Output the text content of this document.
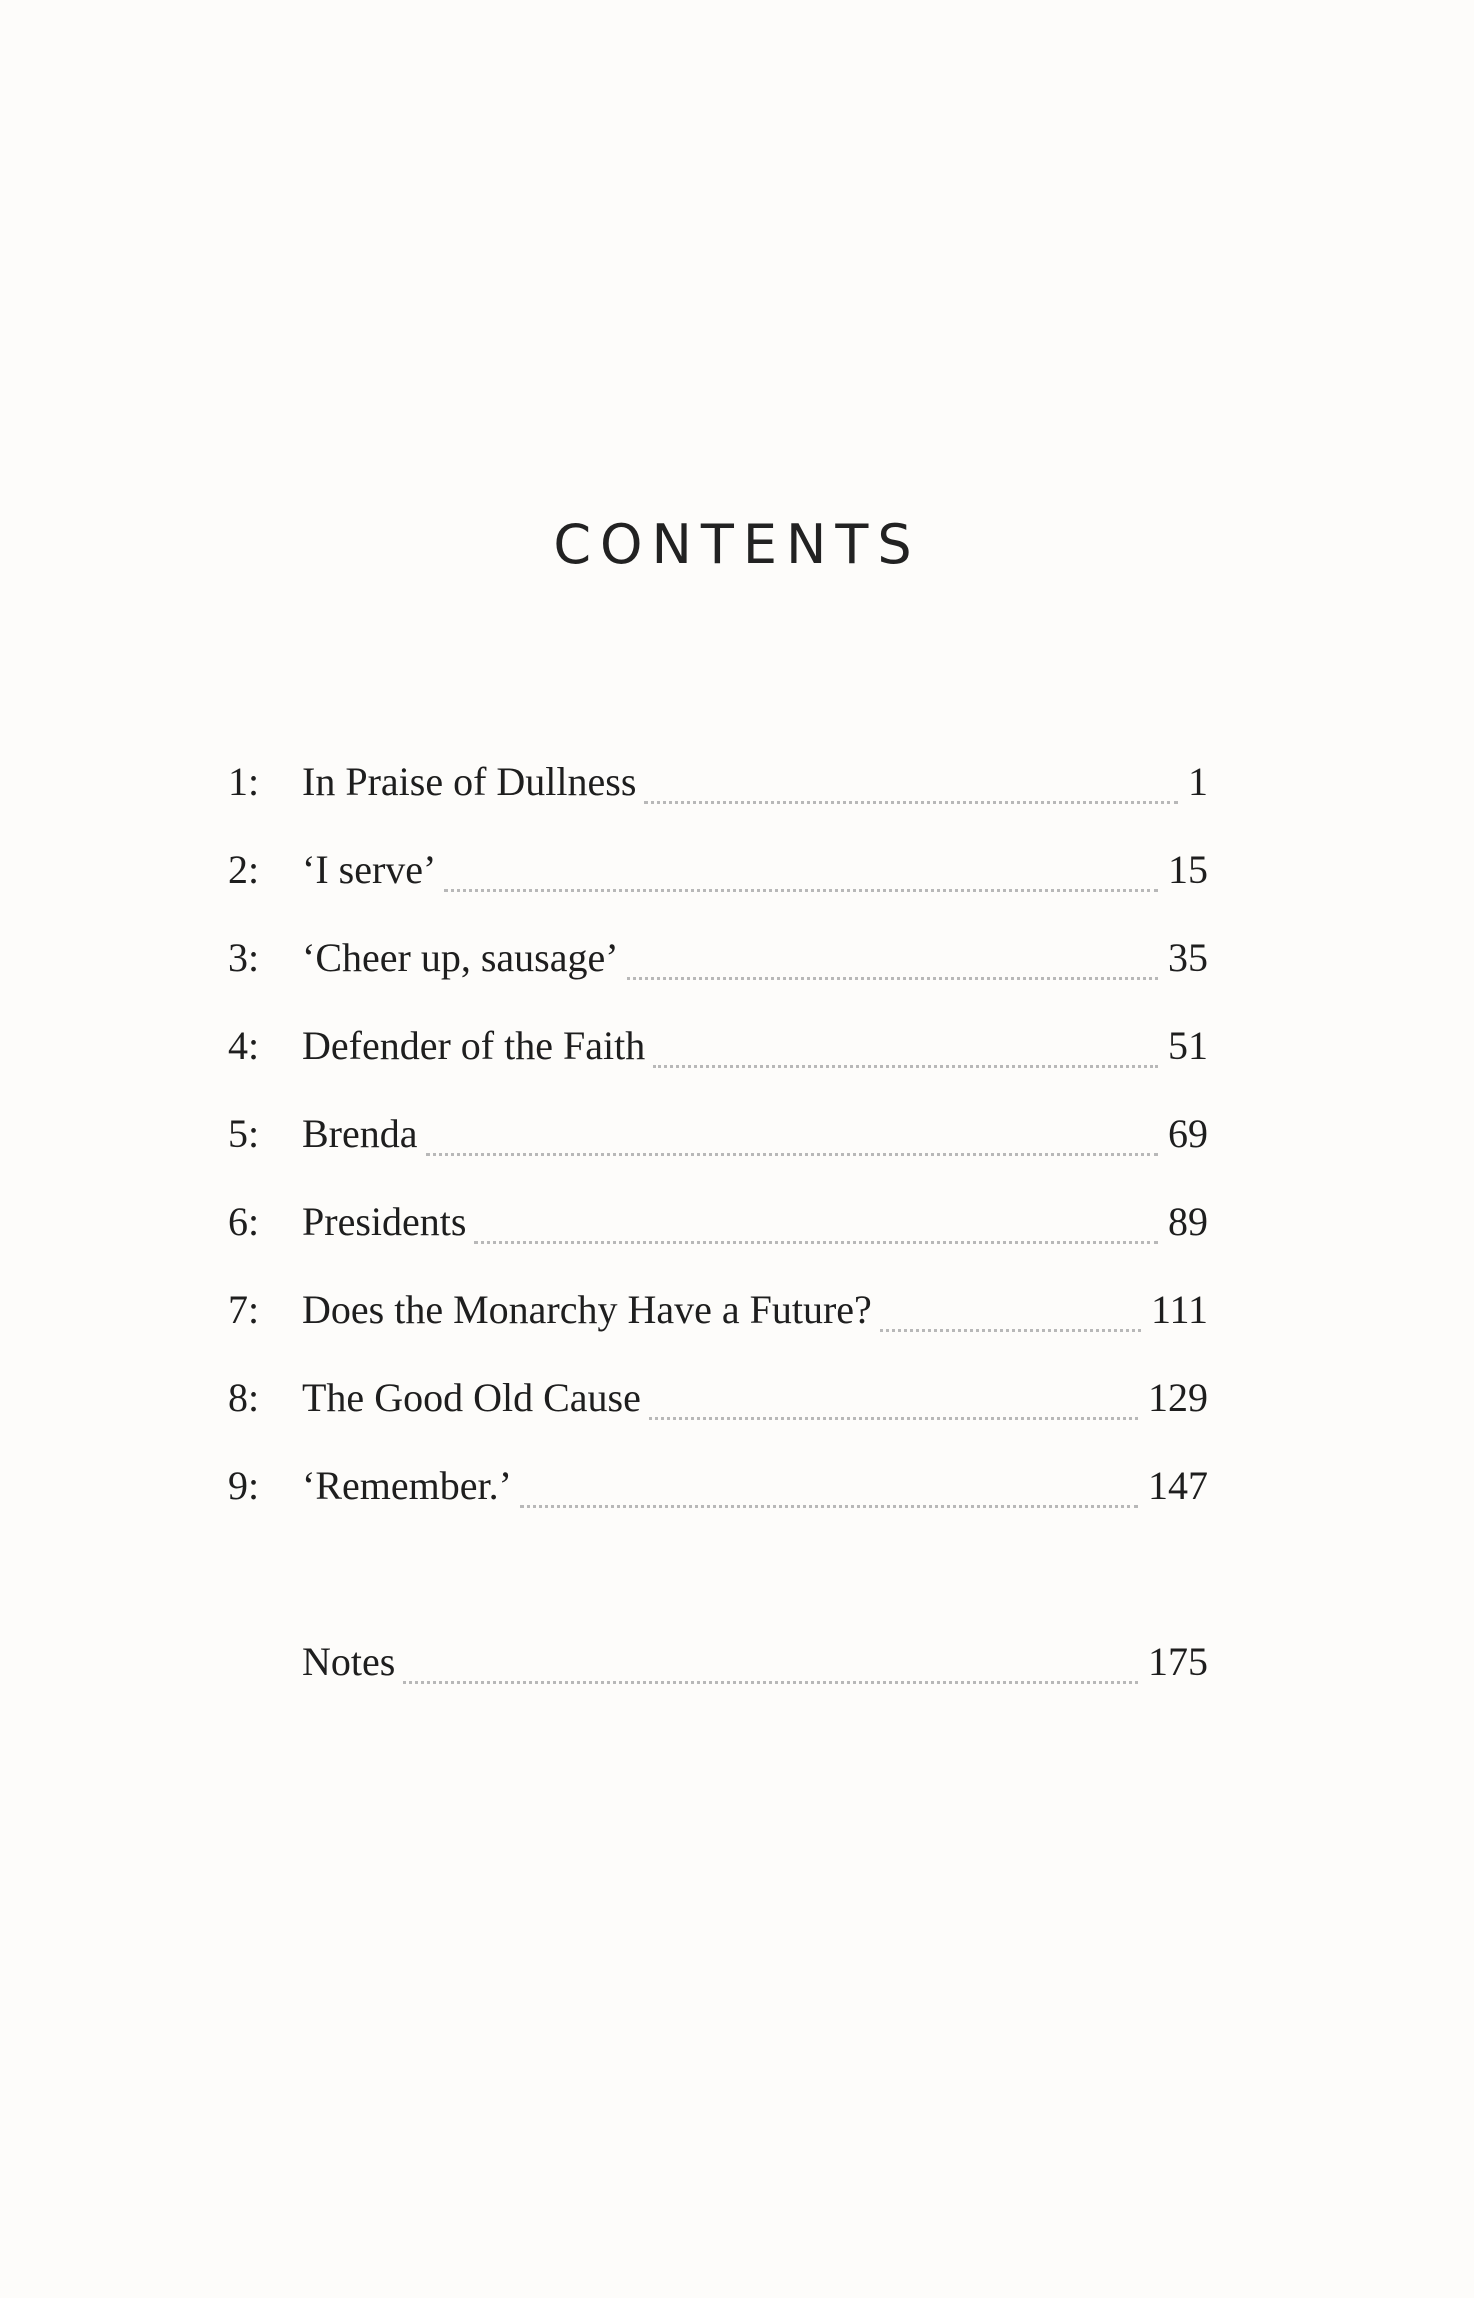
CONTENTS
1:	In Praise of Dullness	1
2:	‘I serve’	15
3:	‘Cheer up, sausage’	35
4:	Defender of the Faith	51
5:	Brenda	69
6:	Presidents	89
7:	Does the Monarchy Have a Future?	111
8:	The Good Old Cause	129
9:	‘Remember.’	147
Notes	175
